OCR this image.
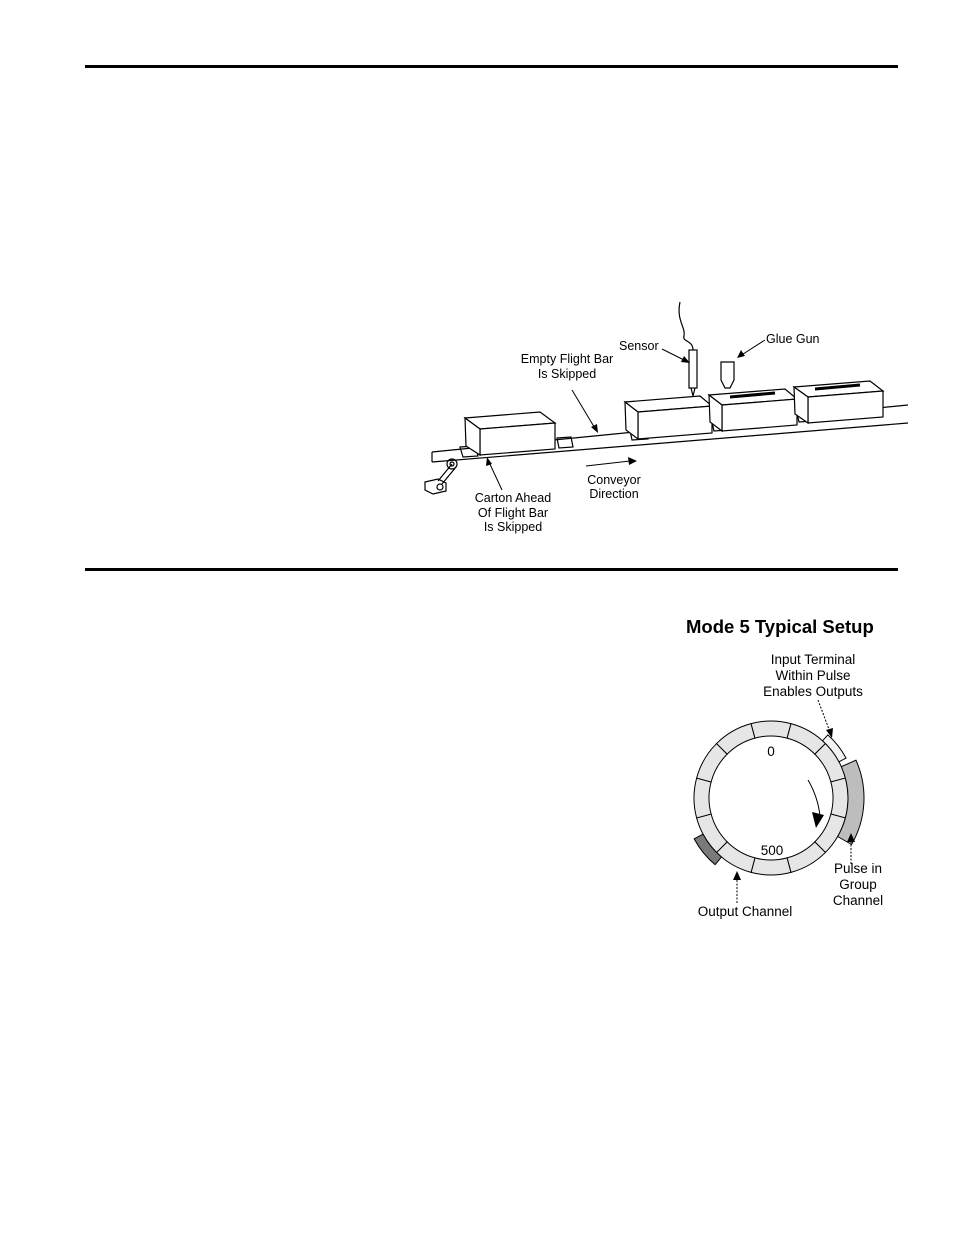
Sensor	Glue Gun
Empty Flight Bar
Is Skipped
Carton Ahead
Of Flight Bar
Is Skipped
Conveyor
Direction
Mode 5 Typical Setup
0
500
Input Terminal
Within Pulse
Enables Outputs
Pulse in
Group
Channel
Output Channel
